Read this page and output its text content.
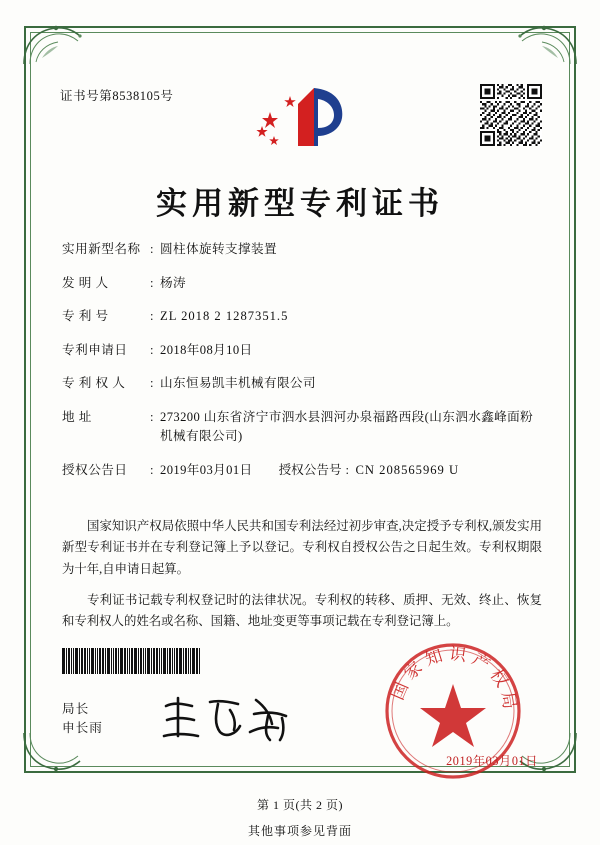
证书号第8538105号
实用新型专利证书
实用新型名称 : 圆柱体旋转支撑装置
发 明 人	: 杨涛
专 利 号	: ZL 2018 2 1287351.5
专利申请日	: 2018年08月10日
专 利 权 人	: 山东恒易凯丰机械有限公司
地 址	: 273200 山东省济宁市泗水县泗河办泉福路西段(山东泗水鑫峰面粉机械有限公司)
授权公告日	: 2019年03月01日 授权公告号 : CN 208565969 U

国家知识产权局依照中华人民共和国专利法经过初步审查,决定授予专利权,颁发实用新型专利证书并在专利登记簿上予以登记。专利权自授权公告之日起生效。专利权期限为十年,自申请日起算。

专利证书记载专利权登记时的法律状况。专利权的转移、质押、无效、终止、恢复和专利权人的姓名或名称、国籍、地址变更等事项记载在专利登记簿上。

局长
申长雨
国家知识产权局
2019年03月01日
第 1 页(共 2 页)
其他事项参见背面
